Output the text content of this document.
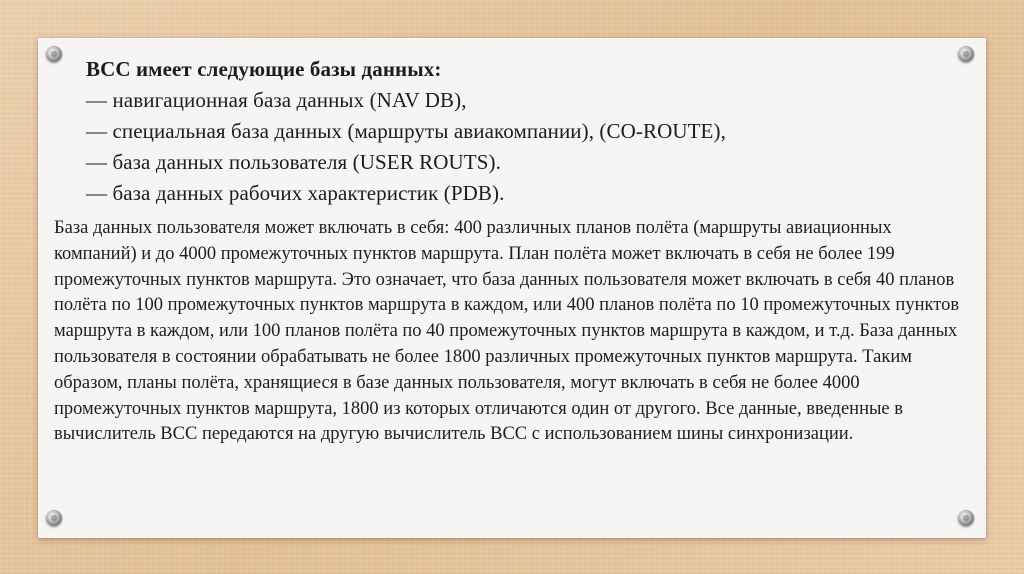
ВСС имеет следующие базы данных:
— навигационная база данных (NAV DB),
— специальная база данных (маршруты авиакомпании), (CO-ROUTE),
— база данных пользователя (USER ROUTS).
— база данных рабочих характеристик (PDB).
База данных пользователя может включать в себя: 400 различных планов полёта (маршруты авиационных компаний) и до 4000 промежуточных пунктов маршрута. План полёта может включать в себя не более 199 промежуточных пунктов маршрута. Это означает, что база данных пользователя может включать в себя 40 планов полёта по 100 промежуточных пунктов маршрута в каждом, или 400 планов полёта по 10 промежуточных пунктов маршрута в каждом, или 100 планов полёта по 40 промежуточных пунктов маршрута в каждом, и т.д. База данных пользователя в состоянии обрабатывать не более 1800 различных промежуточных пунктов маршрута. Таким образом, планы полёта, хранящиеся в базе данных пользователя, могут включать в себя не более 4000 промежуточных пунктов маршрута, 1800 из которых отличаются один от другого. Все данные, введенные в вычислитель ВСС передаются на другую вычислитель ВСС с использованием шины синхронизации.
